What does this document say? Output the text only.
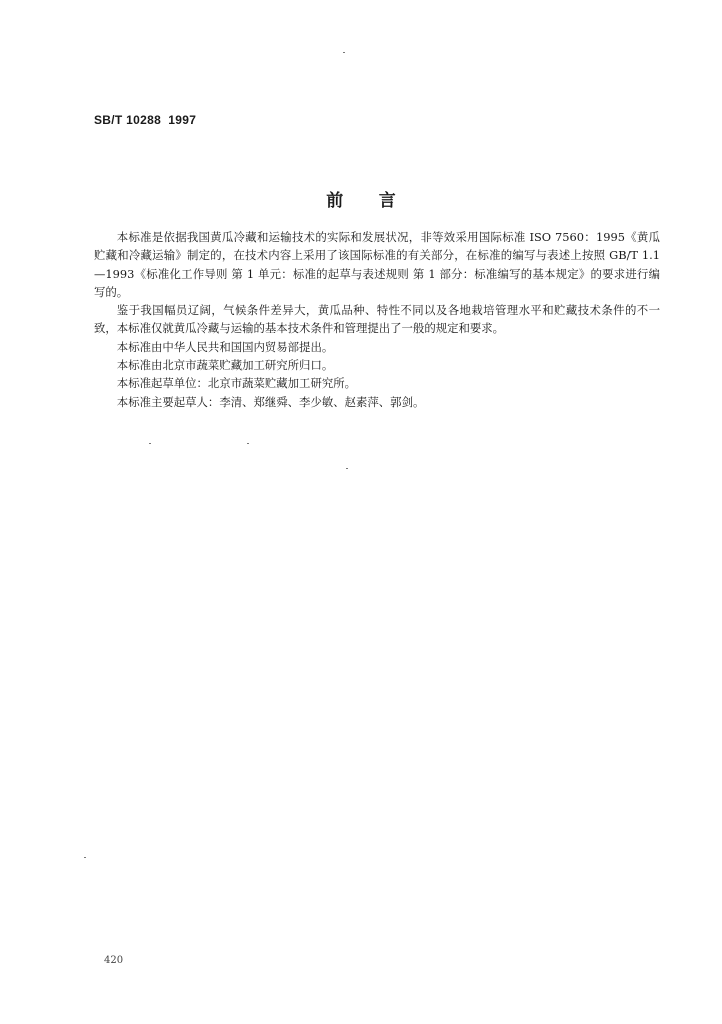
SB/T 10288  1997
前      言

本标准是依据我国黄瓜冷藏和运输技术的实际和发展状况，非等效采用国际标准 ISO 7560：1995《黄瓜 贮藏和冷藏运输》制定的，在技术内容上采用了该国际标准的有关部分，在标准的编写与表述上按照 GB/T 1.1—1993《标准化工作导则 第 1 单元：标准的起草与表述规则 第 1 部分：标准编写的基本规定》的要求进行编写的。

鉴于我国幅员辽阔，气候条件差异大，黄瓜品种、特性不同以及各地栽培管理水平和贮藏技术条件的不一致，本标准仅就黄瓜冷藏与运输的基本技术条件和管理提出了一般的规定和要求。

本标准由中华人民共和国国内贸易部提出。

本标准由北京市蔬菜贮藏加工研究所归口。

本标准起草单位：北京市蔬菜贮藏加工研究所。

本标准主要起草人：李清、郑继舜、李少敏、赵素萍、郭剑。

420
